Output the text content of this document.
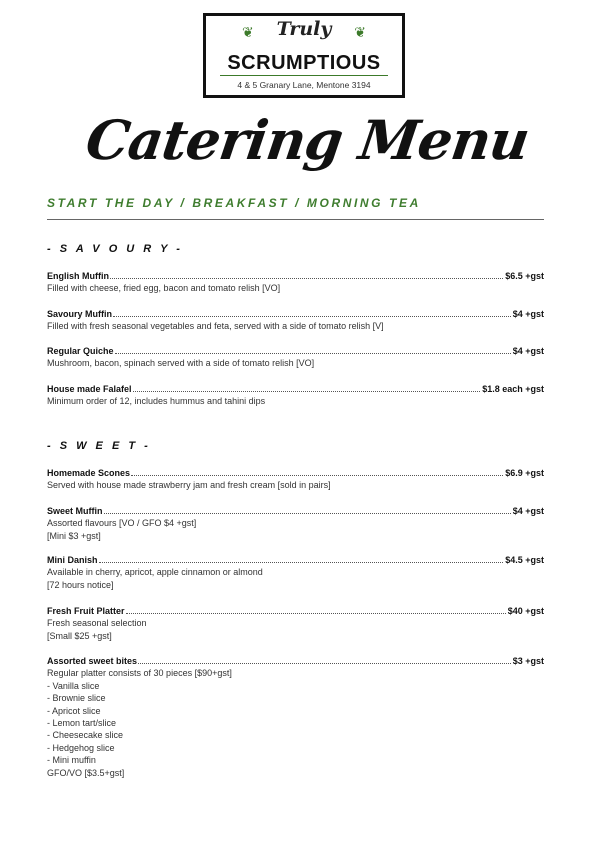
❦	❦
Truly
SCRUMPTIOUS
4 & 5 Granary Lane, Mentone 3194
Catering Menu
START THE DAY / BREAKFAST / MORNING TEA
- S A V O U R Y -
English Muffin	$6.5 +gst
Filled with cheese, fried egg, bacon and tomato relish [VO]
Savoury Muffin	$4 +gst
Filled with fresh seasonal vegetables and feta, served with a side of tomato relish [V]
Regular Quiche	$4 +gst
Mushroom, bacon, spinach served with a side of tomato relish [VO]
House made Falafel	$1.8 each +gst
Minimum order of 12, includes hummus and tahini dips
- S W E E T -
Homemade Scones	$6.9 +gst
Served with house made strawberry jam and fresh cream [sold in pairs]
Sweet Muffin	$4 +gst
Assorted flavours [VO / GFO $4 +gst]
[Mini $3 +gst]
Mini Danish	$4.5 +gst
Available in cherry, apricot, apple cinnamon or almond
[72 hours notice]
Fresh Fruit Platter	$40 +gst
Fresh seasonal selection
[Small $25 +gst]
Assorted sweet bites	$3 +gst
Regular platter consists of 30 pieces [$90+gst]
- Vanilla slice
- Brownie slice
- Apricot slice
- Lemon tart/slice
- Cheesecake slice
- Hedgehog slice
- Mini muffin
GFO/VO [$3.5+gst]
